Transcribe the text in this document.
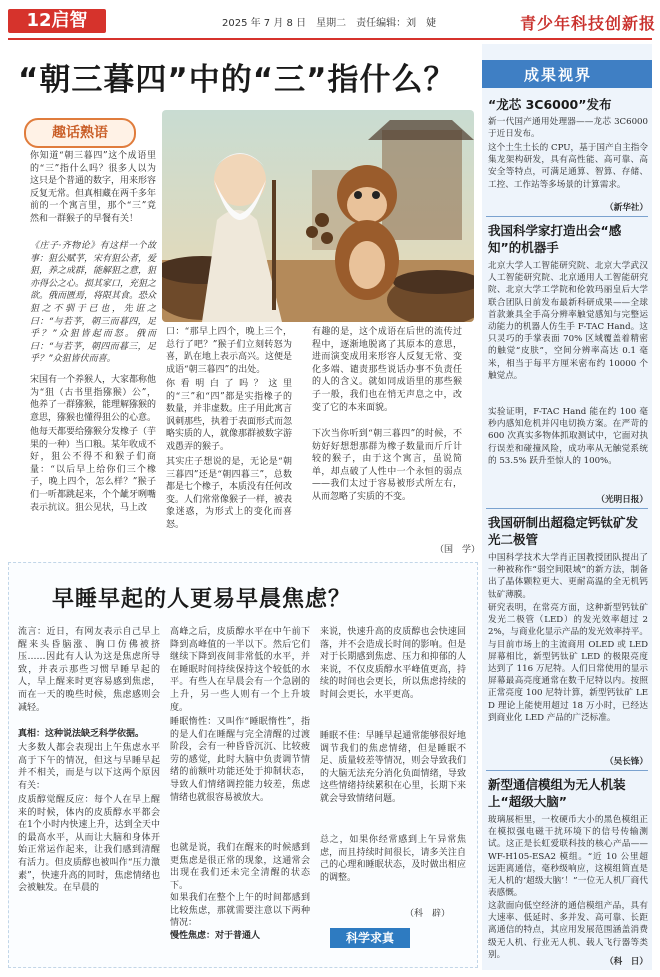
12启智	2025 年 7 月 8 日　星期二　责任编辑：刘　婕	青少年科技创新报
“朝三暮四”中的“三”指什么？
趣话熟语
你知道“朝三暮四”这个成语里的“三”指什么吗？很多人以为这只是个普通的数字，用来形容反复无常。但真相藏在两千多年前的一个寓言里，那个“三”竟然和一群猴子的早餐有关！
《庄子·齐物论》有这样一个故事：狙公赋芧，宋有狙公者，爱狙，养之成群，能解狙之意，狙亦得公之心。损其家口，充狙之欲。俄而匮焉，将限其食。恐众狙之不驯于已也，先诳之曰：“与若芧，朝三而暮四，足乎？”众狙皆起而怒。俄而曰：“与若芧，朝四而暮三，足乎？”众狙皆伏而喜。
宋国有一个养猴人，大家都称他为“狙（古书里指猕猴）公”，他养了一群猕猴，能理解猕猴的意思，猕猴也懂得狙公的心意。
他每天都要给猕猴分发橡子（芋果的一种）当口粮。某年收成不好，狙公不得不和猴子们商量：“以后早上给你们三个橡子，晚上四个，怎么样？”猴子们一听都跳起来，个个龇牙咧嘴表示抗议。狙公见状，马上改
口：“那早上四个，晚上三个，总行了吧？”猴子们立刻转怒为喜，趴在地上表示高兴。这便是成语“朝三暮四”的出处。
你看明白了吗？这里的“三”和“四”都是实指橡子的数量，并非虚数。庄子用此寓言讽刺那些，执着于表面形式而忽略实质的人，就像那群被数字游戏愚弄的猴子。
其实庄子想说的是，无论是“朝三暮四”还是“朝四暮三”，总数都是七个橡子，本质没有任何改变。人们常常像猴子一样，被表象迷惑，为形式上的变化而喜怒。
有趣的是，这个成语在后世的流传过程中，逐渐地脱离了其原本的意思，进而演变成用来形容人反复无常、变化多端、谴责那些说话办事不负责任的人的含义。就如同成语里的那些猴子一般，我们也在悄无声息之中，改变了它的本来面貌。
下次当你听到“朝三暮四”的时候，不妨好好想想那群为橡子数量而斤斤计较的猴子，由于这个寓言，虽说简单，却点破了人性中一个永恒的弱点——我们太过于容易被形式所左右，从而忽略了实质的不变。
（国　学）
早睡早起的人更易早晨焦虑？
流言：近日，有网友表示自己早上醒来头昏脑涨、胸口仿佛被挤压……因此有人认为这是焦虑所导致，并表示那些习惯早睡早起的人，早上醒来时更容易感到焦虑，而在一天的晚些时候，焦虑感则会减轻。
真相：这种说法缺乏科学依据。
大多数人都会表现出上午焦虑水平高于下午的情况，但这与早睡早起并不相关，而是与以下这两个原因有关：
皮质醇觉醒反应：每个人在早上醒来的时候，体内的皮质醇水平都会在1个小时内快速上升，达到全天中的最高水平，从而让大脑和身体开始正常运作起来，让我们感到清醒有活力。但皮质醇也被叫作“压力激素”，快速升高的同时，焦虑情绪也会被触发。在早晨的
高峰之后，皮质醇水平在中午前下降到高峰值的一半以下。然后它们继续下降到夜间非常低的水平，并在睡眠时间持续保持这个较低的水平。有些人在早晨会有一个急剧的上升，另一些人则有一个上升坡度。
睡眠惰性：又叫作“睡眠惰性”，指的是人们在睡醒与完全清醒的过渡阶段，会有一种昏昏沉沉、比较疲劳的感觉，此时大脑中负责调节情绪的前额叶功能还处于抑制状态，导致人们情绪调控能力较差，焦虑情绪也就很容易被放大。
也就是说，我们在醒来的时候感到更焦虑是很正常的现象，这通常会出现在我们还未完全清醒的状态下。
如果我们在整个上午的时间都感到比较焦虑，那就需要注意以下两种情况：
慢性焦虑：对于普通人
来说，快速升高的皮质醇也会快速回落，并不会造成长时间的影响。但是对于长期感到焦虑、压力和抑郁的人来说，不仅皮质醇水平峰值更高，持续的时间也会更长，所以焦虑持续的时间会更长，水平更高。
睡眠不佳：早睡早起通常能够很好地调节我们的焦虑情绪，但是睡眠不足、质量较差等情况，则会导致我们的大脑无法充分消化负面情绪，导致这些情绪持续累积在心里，长期下来就会导致情绪问题。
总之，如果你经常感到上午异常焦虑，而且持续时间很长，请多关注自己的心理和睡眠状态，及时做出相应的调整。
（科　辟）
科学求真
成果视界
“龙芯 3C6000”发布
新一代国产通用处理器——龙芯 3C6000 于近日发布。
这个土生土长的 CPU，基于国产自主指令集龙架构研发，具有高性能、高可靠、高安全等特点，可满足通算、智算、存储、工控、工作站等多场景的计算需求。
（新华社）
我国科学家打造出会“感知”的机器手
北京大学人工智能研究院、北京大学武汉人工智能研究院、北京通用人工智能研究院、北京大学工学院和伦敦玛丽皇后大学联合团队日前发布最新科研成果——全球首款兼具全手高分辨率触觉感知与完整运动能力的机器人仿生手 F-TAC Hand。这只灵巧的手掌表面 70% 区域覆盖着精密的触觉“皮肤”，空间分辨率高达 0.1 毫米，相当于每平方厘米密布约 10000 个触觉点。
实验证明，F-TAC Hand 能在约 100 毫秒内感知危机并闪电切换方案。在严苛的 600 次真实多物体抓取测试中，它面对执行误差和碰撞风险，成功率从无触觉系统的 53.5% 跃升至惊人的 100%。
（光明日报）
我国研制出超稳定钙钛矿发光二极管
中国科学技术大学肖正国教授团队提出了一种被称作“弱空间限域”的新方法，制备出了晶体颗粒更大、更耐高温的全无机钙钛矿薄膜。
研究表明，在常亮方面，这种新型钙钛矿发光二极管（LED）的发光效率超过 22%，与商业化显示产品的发光效率持平。与目前市场上的主流商用 OLED 或 LED 屏幕相比，新型钙钛矿 LED 的极限亮度达到了 116 万尼特。人们日常使用的显示屏幕最高亮度通常在数千尼特以内。按照正常亮度 100 尼特计算，新型钙钛矿 LED 理论上能使用超过 18 万小时，已经达到商业化 LED 产品的广泛标准。
（吴长锋）
新型通信模组为无人机装上“超级大脑”
玻璃展柜里，一枚硬币大小的黑色模组正在模拟强电磁干扰环境下的信号传输测试。这正是长虹爱联科技的核心产品——WF-H105-ESA2 模组。“近 10 公里超远距离通信，毫秒级响应，这模组简直是无人机的‘超级大脑’！”一位无人机厂商代表感慨。
这款面向低空经济的通信模组产品，具有大速率、低延时、多并发、高可靠、长距离通信的特点，其应用发展范围涵盖消费级无人机、行业无人机、载人飞行器等类别。
（科　日）
